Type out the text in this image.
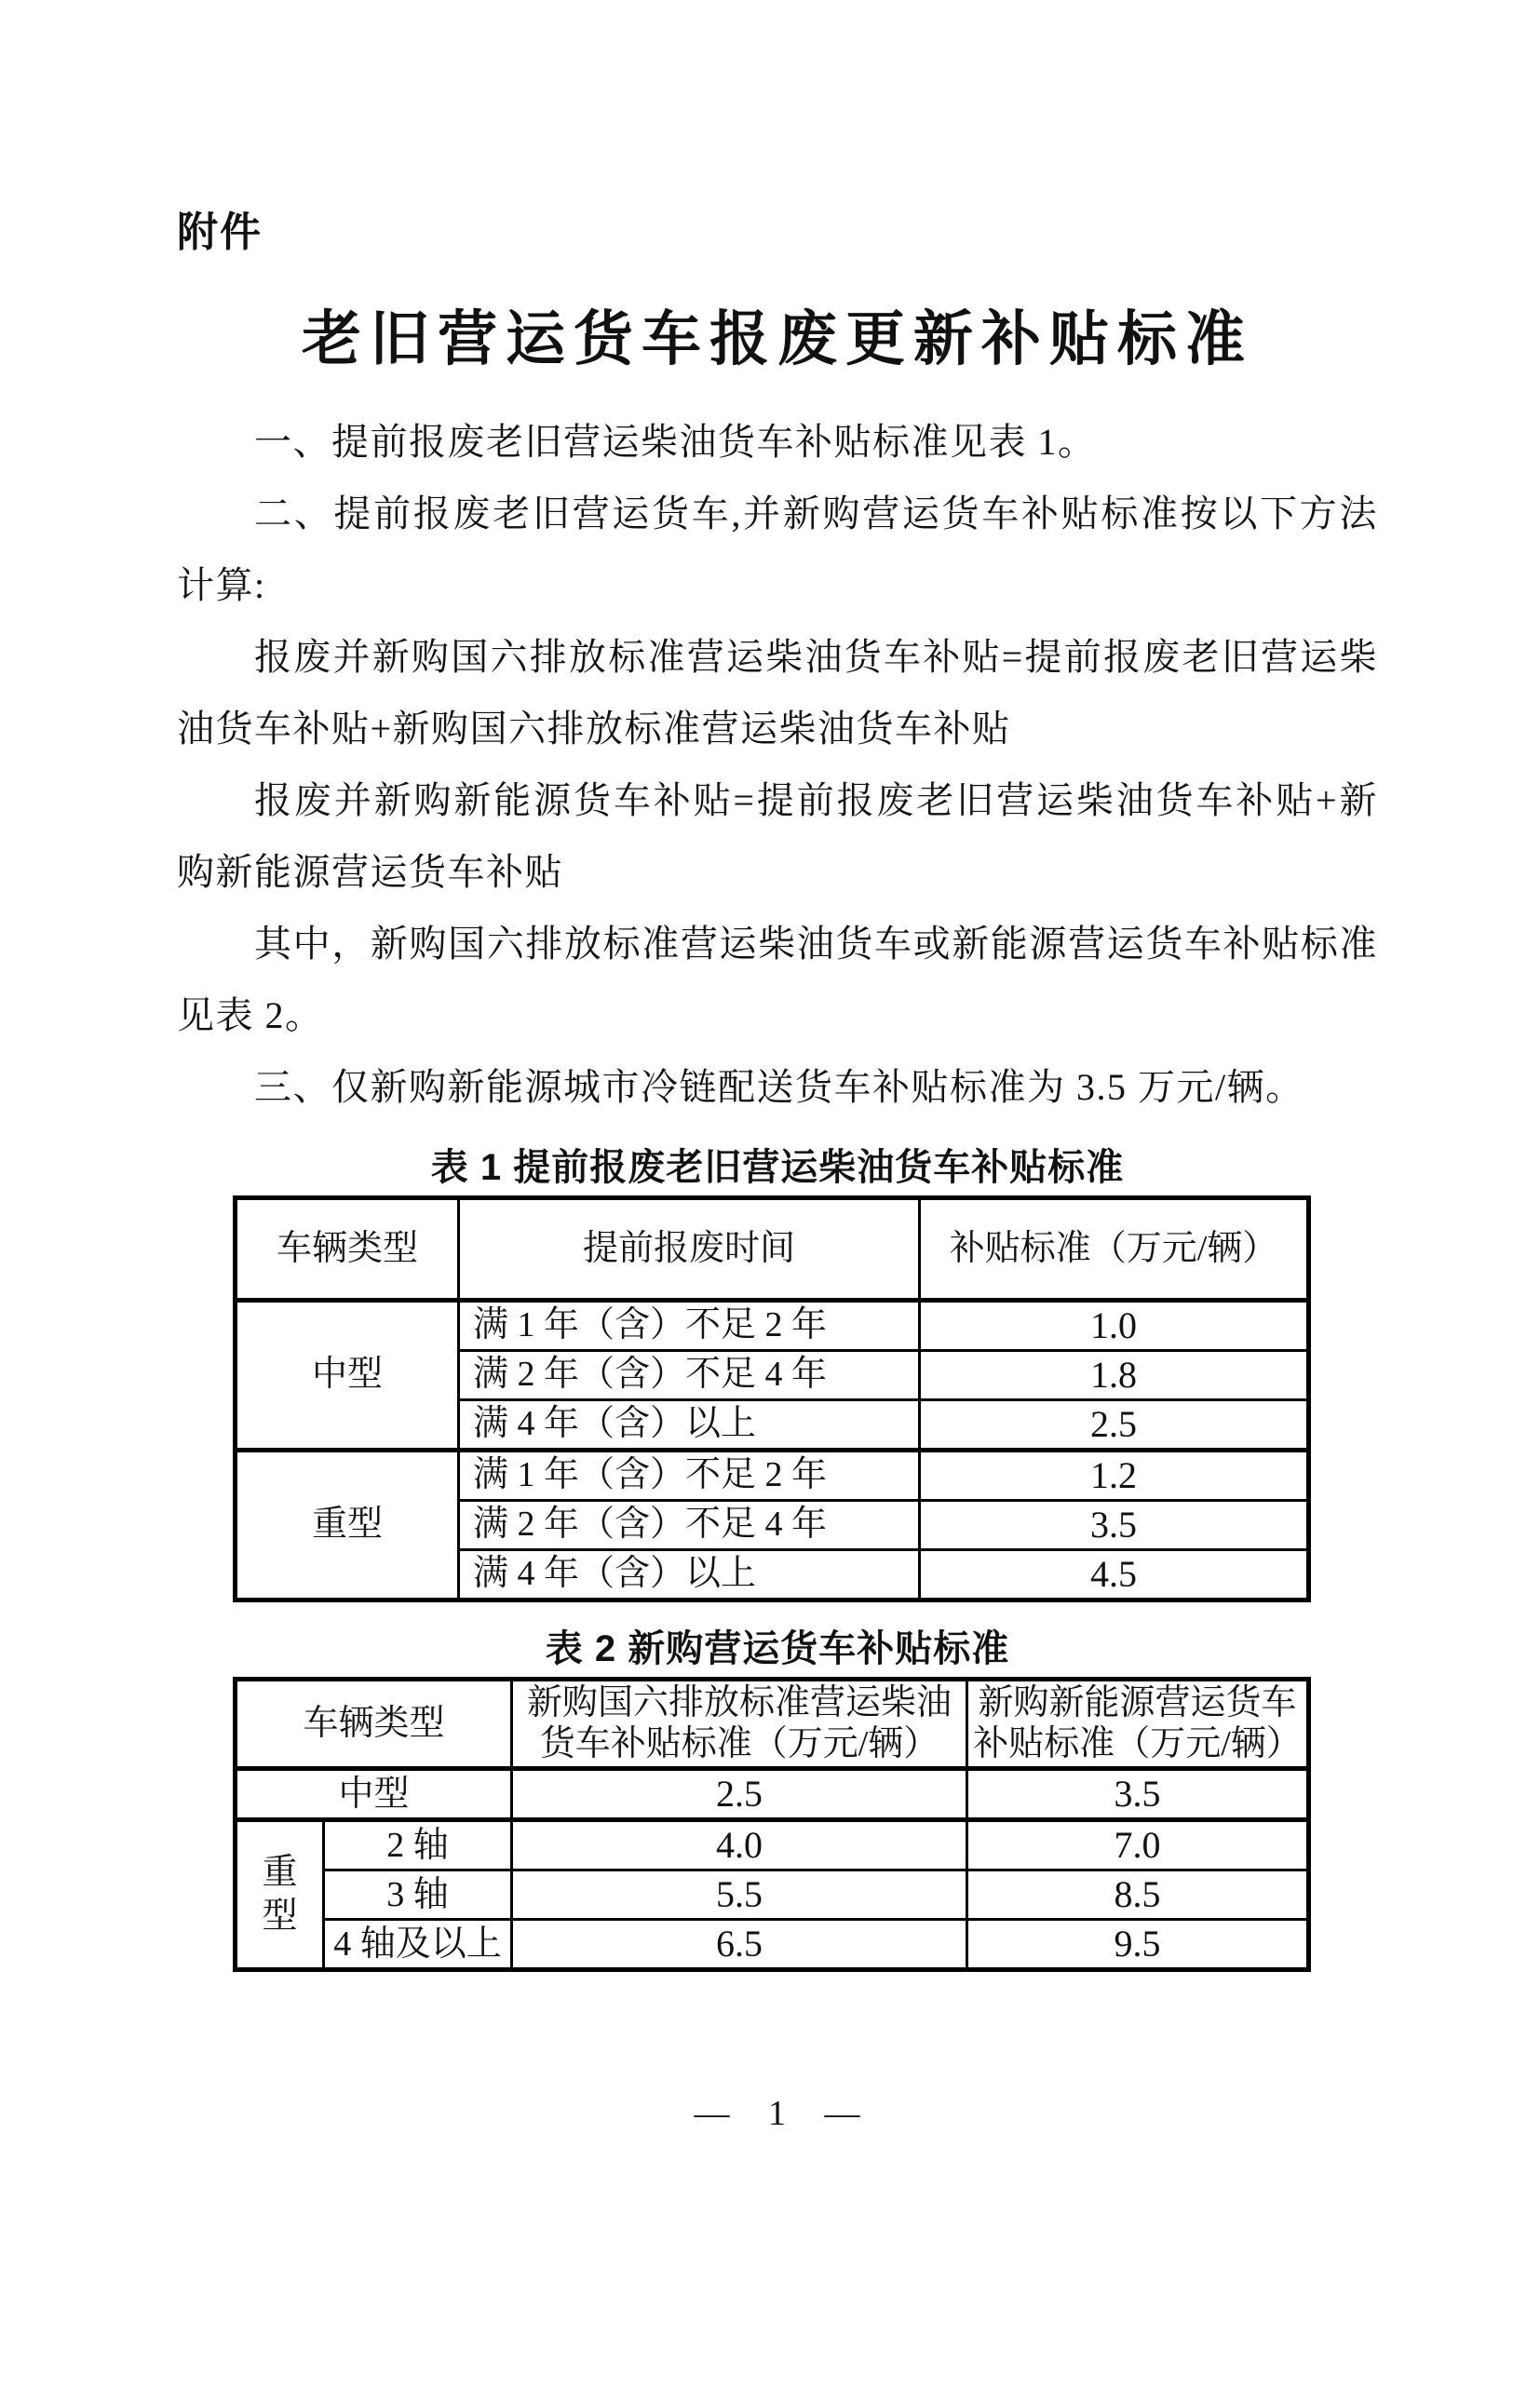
附件
老旧营运货车报废更新补贴标准

一、提前报废老旧营运柴油货车补贴标准见表 1。

二、提前报废老旧营运货车,并新购营运货车补贴标准按以下方法计算:

报废并新购国六排放标准营运柴油货车补贴=提前报废老旧营运柴油货车补贴+新购国六排放标准营运柴油货车补贴

报废并新购新能源货车补贴=提前报废老旧营运柴油货车补贴+新购新能源营运货车补贴

其中，新购国六排放标准营运柴油货车或新能源营运货车补贴标准见表 2。

三、仅新购新能源城市冷链配送货车补贴标准为 3.5 万元/辆。

表 1 提前报废老旧营运柴油货车补贴标准
车辆类型	提前报废时间	补贴标准（万元/辆）
中型	满 1 年（含）不足 2 年	1.0
	满 2 年（含）不足 4 年	1.8
	满 4 年（含）以上	2.5
重型	满 1 年（含）不足 2 年	1.2
	满 2 年（含）不足 4 年	3.5
	满 4 年（含）以上	4.5
表 2 新购营运货车补贴标准
车辆类型		新购国六排放标准营运柴油货车补贴标准（万元/辆）	新购新能源营运货车补贴标准（万元/辆）
中型		2.5	3.5
重型	2 轴	4.0	7.0
	3 轴	5.5	8.5
	4 轴及以上	6.5	9.5
— 1 —
